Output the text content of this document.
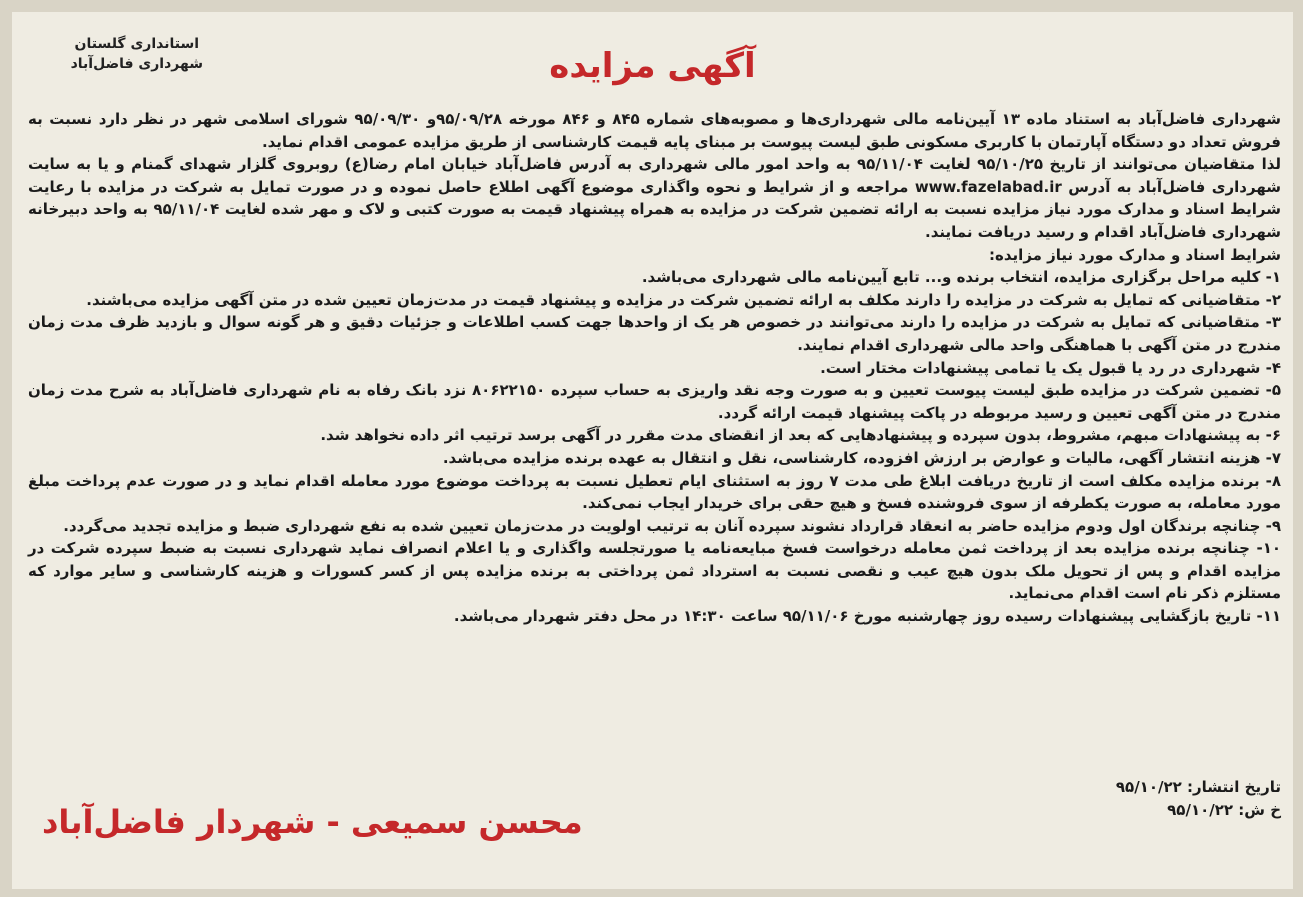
استانداری گلستان
شهرداری فاضل‌آباد	آگهی مزایده

شهرداری فاضل‌آباد به استناد ماده ۱۳ آیین‌نامه مالی شهرداری‌ها و مصوبه‌های شماره ۸۴۵ و ۸۴۶ مورخه ۹۵/۰۹/۲۸و ۹۵/۰۹/۳۰ شورای اسلامی شهر در نظر دارد نسبت به فروش تعداد دو دستگاه آپارتمان با کاربری مسکونی طبق لیست پیوست بر مبنای پایه قیمت کارشناسی از طریق مزایده عمومی اقدام نماید.

لذا متقاضیان می‌توانند از تاریخ ۹۵/۱۰/۲۵ لغایت ۹۵/۱۱/۰۴ به واحد امور مالی شهرداری به آدرس فاضل‌آباد خیابان امام رضا(ع) روبروی گلزار شهدای گمنام و یا به سایت شهرداری فاضل‌آباد به آدرس www.fazelabad.ir مراجعه و از شرایط و نحوه واگذاری موضوع آگهی اطلاع حاصل نموده و در صورت تمایل به شرکت در مزایده با رعایت شرایط اسناد و مدارک مورد نیاز مزایده نسبت به ارائه تضمین شرکت در مزایده به همراه پیشنهاد قیمت به صورت کتبی و لاک و مهر شده لغایت ۹۵/۱۱/۰۴ به واحد دبیرخانه شهرداری فاضل‌آباد اقدام و رسید دریافت نمایند.

شرایط اسناد و مدارک مورد نیاز مزایده:

۱- کلیه مراحل برگزاری مزایده، انتخاب برنده و... تابع آیین‌نامه مالی شهرداری می‌باشد.

۲- متقاضیانی که تمایل به شرکت در مزایده را دارند مکلف به ارائه تضمین شرکت در مزایده و پیشنهاد قیمت در مدت‌زمان تعیین شده در متن آگهی مزایده می‌باشند.

۳- متقاضیانی که تمایل به شرکت در مزایده را دارند می‌توانند در خصوص هر یک از واحدها جهت کسب اطلاعات و جزئیات دقیق و هر گونه سوال و بازدید ظرف مدت زمان مندرج در متن آگهی با هماهنگی واحد مالی شهرداری اقدام نمایند.

۴- شهرداری در رد یا قبول یک یا تمامی پیشنهادات مختار است.

۵- تضمین شرکت در مزایده طبق لیست پیوست تعیین و به صورت وجه نقد واریزی به حساب سپرده ۸۰۶۲۲۱۵۰ نزد بانک رفاه به نام شهرداری فاضل‌آباد به شرح مدت زمان مندرج در متن آگهی تعیین و رسید مربوطه در پاکت پیشنهاد قیمت ارائه گردد.

۶- به پیشنهادات مبهم، مشروط، بدون سپرده و پیشنهادهایی که بعد از انقضای مدت مقرر در آگهی برسد ترتیب اثر داده نخواهد شد.

۷- هزینه انتشار آگهی، مالیات و عوارض بر ارزش افزوده، کارشناسی، نقل و انتقال به عهده برنده مزایده می‌باشد.

۸- برنده مزایده مکلف است از تاریخ دریافت ابلاغ طی مدت ۷ روز به استثنای ایام تعطیل نسبت به پرداخت موضوع مورد معامله اقدام نماید و در صورت عدم پرداخت مبلغ مورد معامله، به صورت یکطرفه از سوی فروشنده فسخ و هیچ حقی برای خریدار ایجاب نمی‌کند.

۹- چنانچه برندگان اول ودوم مزایده حاضر به انعقاد قرارداد نشوند سپرده آنان به ترتیب اولویت در مدت‌زمان تعیین شده به نفع شهرداری ضبط و مزایده تجدید می‌گردد.

۱۰- چنانچه برنده مزایده بعد از پرداخت ثمن معامله درخواست فسخ مبایعه‌نامه یا صورتجلسه واگذاری و یا اعلام انصراف نماید شهرداری نسبت به ضبط سپرده شرکت در مزایده اقدام و پس از تحویل ملک بدون هیچ عیب و نقصی نسبت به استرداد ثمن پرداختی به برنده مزایده پس از کسر کسورات و هزینه کارشناسی و سایر موارد که مستلزم ذکر نام است اقدام می‌نماید.

۱۱- تاریخ بازگشایی پیشنهادات رسیده روز چهارشنبه مورخ ۹۵/۱۱/۰۶ ساعت ۱۴:۳۰ در محل دفتر شهردار می‌باشد.

تاریخ انتشار: ۹۵/۱۰/۲۲
خ ش: ۹۵/۱۰/۲۲
محسن سمیعی - شهردار فاضل‌آباد
